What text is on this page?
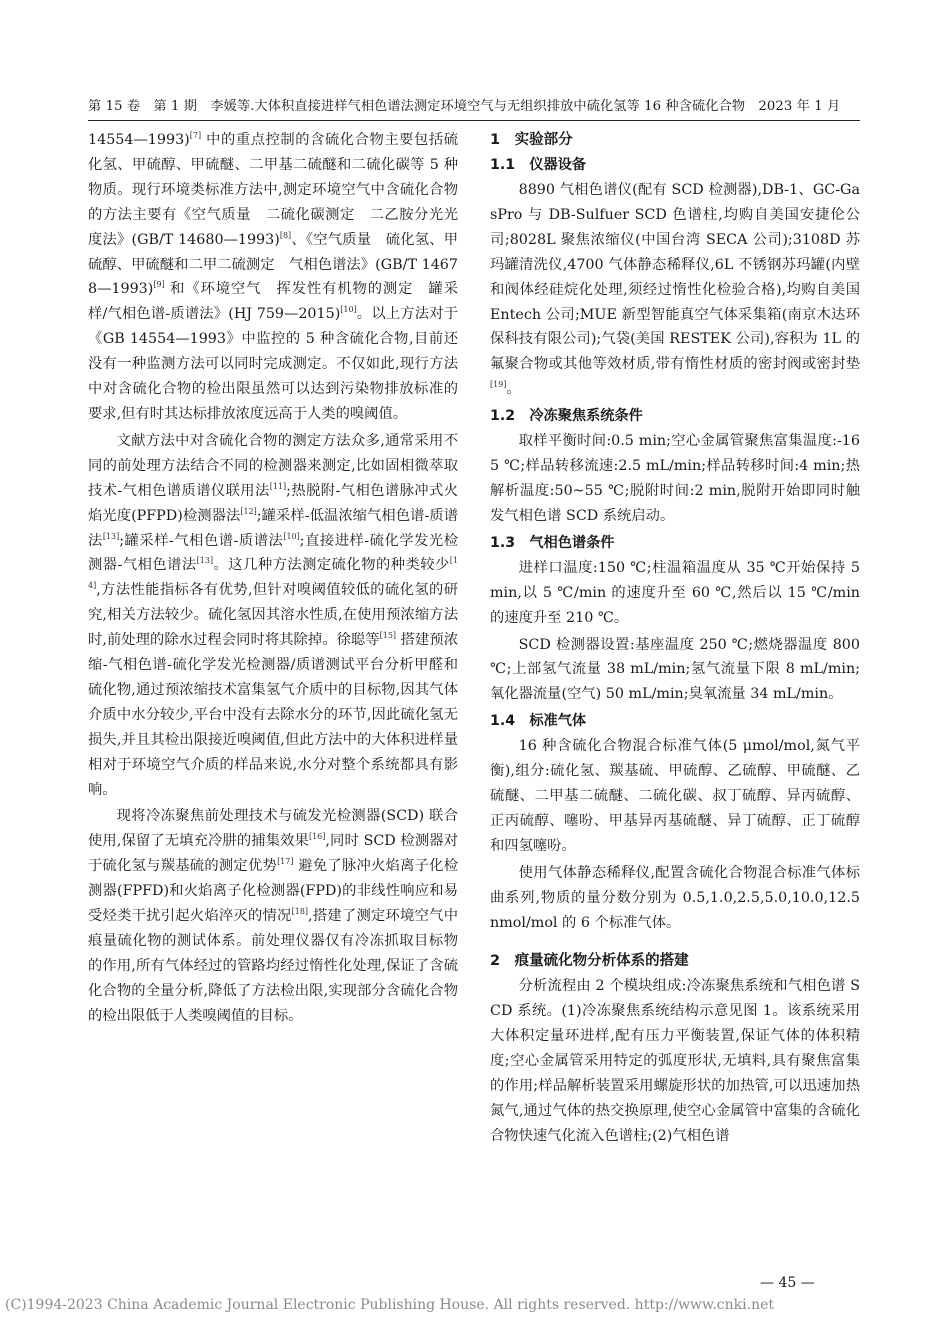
第 15 卷　第 1 期　李媛等.大体积直接进样气相色谱法测定环境空气与无组织排放中硫化氢等 16 种含硫化合物　2023 年 1 月

14554—1993)[7] 中的重点控制的含硫化合物主要包括硫化氢、甲硫醇、甲硫醚、二甲基二硫醚和二硫化碳等 5 种物质。现行环境类标准方法中,测定环境空气中含硫化合物的方法主要有《空气质量　二硫化碳测定　二乙胺分光光度法》(GB/T 14680—1993)[8]、《空气质量　硫化氢、甲硫醇、甲硫醚和二甲二硫测定　气相色谱法》(GB/T 14678—1993)[9] 和《环境空气　挥发性有机物的测定　罐采样/气相色谱-质谱法》(HJ 759—2015)[10]。以上方法对于《GB 14554—1993》中监控的 5 种含硫化合物,目前还没有一种监测方法可以同时完成测定。不仅如此,现行方法中对含硫化合物的检出限虽然可以达到污染物排放标准的要求,但有时其达标排放浓度远高于人类的嗅阈值。

文献方法中对含硫化合物的测定方法众多,通常采用不同的前处理方法结合不同的检测器来测定,比如固相微萃取技术-气相色谱质谱仪联用法[11];热脱附-气相色谱脉冲式火焰光度(PFPD)检测器法[12];罐采样-低温浓缩气相色谱-质谱法[13];罐采样-气相色谱-质谱法[10];直接进样-硫化学发光检测器-气相色谱法[13]。这几种方法测定硫化物的种类较少[14],方法性能指标各有优势,但针对嗅阈值较低的硫化氢的研究,相关方法较少。硫化氢因其溶水性质,在使用预浓缩方法时,前处理的除水过程会同时将其除掉。徐聪等[15] 搭建预浓缩-气相色谱-硫化学发光检测器/质谱测试平台分析甲醛和硫化物,通过预浓缩技术富集氢气介质中的目标物,因其气体介质中水分较少,平台中没有去除水分的环节,因此硫化氢无损失,并且其检出限接近嗅阈值,但此方法中的大体积进样量相对于环境空气介质的样品来说,水分对整个系统都具有影响。

现将冷冻聚焦前处理技术与硫发光检测器(SCD) 联合使用,保留了无填充冷肼的捕集效果[16],同时 SCD 检测器对于硫化氢与羰基硫的测定优势[17] 避免了脉冲火焰离子化检测器(FPFD)和火焰离子化检测器(FPD)的非线性响应和易受烃类干扰引起火焰淬灭的情况[18],搭建了测定环境空气中痕量硫化物的测试体系。前处理仪器仅有冷冻抓取目标物的作用,所有气体经过的管路均经过惰性化处理,保证了含硫化合物的全量分析,降低了方法检出限,实现部分含硫化合物的检出限低于人类嗅阈值的目标。

1　实验部分
1.1　仪器设备

8890 气相色谱仪(配有 SCD 检测器),DB-1、GC-GasPro 与 DB-Sulfuer SCD 色谱柱,均购自美国安捷伦公司;8028L 聚焦浓缩仪(中国台湾 SECA 公司);3108D 苏玛罐清洗仪,4700 气体静态稀释仪,6L 不锈钢苏玛罐(内壁和阀体经硅烷化处理,须经过惰性化检验合格),均购自美国 Entech 公司;MUE 新型智能真空气体采集箱(南京木达环保科技有限公司);气袋(美国 RESTEK 公司),容积为 1L 的氟聚合物或其他等效材质,带有惰性材质的密封阀或密封垫[19]。

1.2　冷冻聚焦系统条件

取样平衡时间:0.5 min;空心金属管聚焦富集温度:-165 ℃;样品转移流速:2.5 mL/min;样品转移时间:4 min;热解析温度:50~55 ℃;脱附时间:2 min,脱附开始即同时触发气相色谱 SCD 系统启动。

1.3　气相色谱条件

进样口温度:150 ℃;柱温箱温度从 35 ℃开始保持 5 min,以 5 ℃/min 的速度升至 60 ℃,然后以 15 ℃/min 的速度升至 210 ℃。

SCD 检测器设置:基座温度 250 ℃;燃烧器温度 800 ℃;上部氢气流量 38 mL/min;氢气流量下限 8 mL/min;氧化器流量(空气) 50 mL/min;臭氧流量 34 mL/min。

1.4　标准气体

16 种含硫化合物混合标准气体(5 μmol/mol,氮气平衡),组分:硫化氢、羰基硫、甲硫醇、乙硫醇、甲硫醚、乙硫醚、二甲基二硫醚、二硫化碳、叔丁硫醇、异丙硫醇、正丙硫醇、噻吩、甲基异丙基硫醚、异丁硫醇、正丁硫醇和四氢噻吩。

使用气体静态稀释仪,配置含硫化合物混合标准气体标曲系列,物质的量分数分别为 0.5,1.0,2.5,5.0,10.0,12.5 nmol/mol 的 6 个标准气体。

2　痕量硫化物分析体系的搭建

分析流程由 2 个模块组成:冷冻聚焦系统和气相色谱 SCD 系统。(1)冷冻聚焦系统结构示意见图 1。该系统采用大体积定量环进样,配有压力平衡装置,保证气体的体积精度;空心金属管采用特定的弧度形状,无填料,具有聚焦富集的作用;样品解析装置采用螺旋形状的加热管,可以迅速加热氮气,通过气体的热交换原理,使空心金属管中富集的含硫化合物快速气化流入色谱柱;(2)气相色谱

— 45 —
(C)1994-2023 China Academic Journal Electronic Publishing House. All rights reserved. http://www.cnki.net
